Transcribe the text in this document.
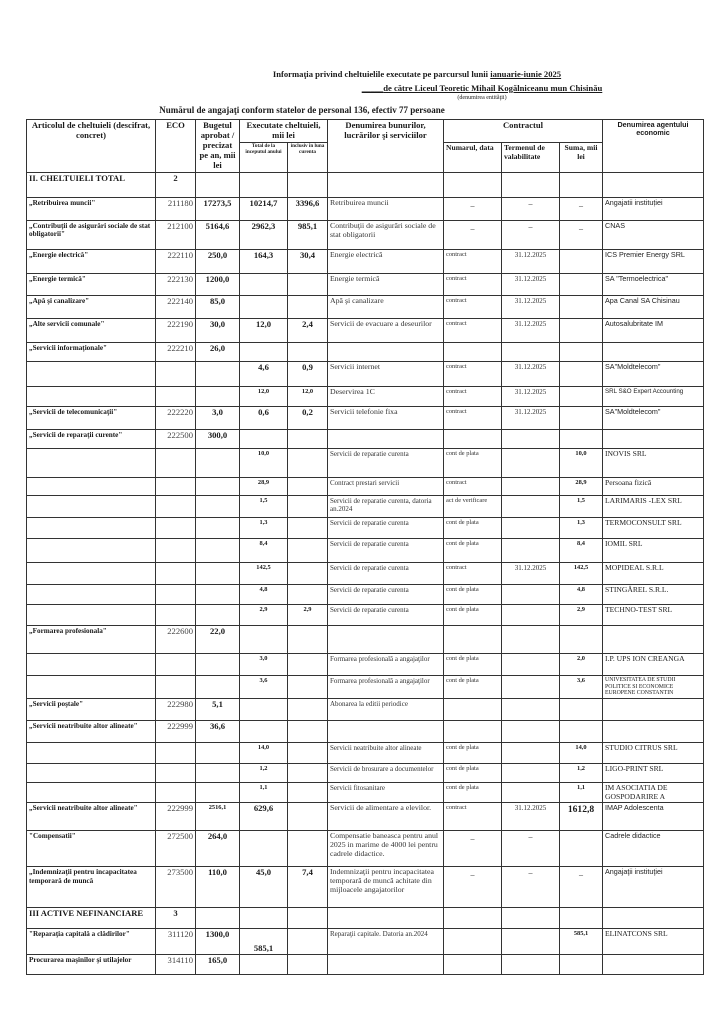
Informaţia privind cheltuielile executate pe parcursul lunii ianuarie-iunie 2025
_____de către Liceul Teoretic Mihail Kogălniceanu mun Chisinău
(denumirea entităţii)
Numărul de angajaţi conform statelor de personal 136, efectiv 77 persoane
Articolul de cheltuieli (descifrat, concret)	ECO	Bugetul aprobat / precizat pe an, mii lei	Executate cheltuieli, mii lei		Denumirea bunurilor, lucrărilor şi serviciilor	Contractul			Denumirea agentului economic
			Total de la începutul anului	inclusiv în luna curenta		Numarul, data	Termenul de valabilitate	Suma, mii lei	
II. CHELTUIELI TOTAL	2								
„Retribuirea muncii"	211180	17273,5	10214,7	3396,6	Retribuirea muncii	_	–	_	Angajatii instituției
„Contribuţii de asigurări sociale de stat obligatorii"	212100	5164,6	2962,3	985,1	Contribuţii de asigurări sociale de stat obligatorii	_	–	_	CNAS
„Energie electrică"	222110	250,0	164,3	30,4	Energie electrică	contract	31.12.2025		ICS Premier Energy SRL
„Energie termică"	222130	1200,0			Energie termică	contract	31.12.2025		SA "Termoelectrica"
„Apă şi canalizare"	222140	85,0			Apă şi canalizare	contract	31.12.2025		Apa Canal SA Chisinau
„Alte servicii comunale"	222190	30,0	12,0	2,4	Servicii de evacuare a deseurilor	contract	31.12.2025		Autosalubritate IM
„Servicii informaţionale"	222210	26,0							
			4,6	0,9	Servicii internet	contract	31.12.2025		SA"Moldtelecom"
			12,0	12,0	Deservirea 1C	contract	31.12.2025		SRL S&O Expert Accounting
„Servicii de telecomunicaţii"	222220	3,0	0,6	0,2	Servicii telefonie fixa	contract	31.12.2025		SA"Moldtelecom"
„Servicii de reparaţii curente"	222500	300,0							
			10,0		Servicii de reparatie curenta	cont de plata		10,0	INOVIS SRL
			28,9		Contract prestari servicii	contract		28,9	Persoana fizică
			1,5		Servicii de reparatie curenta, datoria an.2024	act de verificare		1,5	LARIMARIS -LEX SRL
			1,3		Servicii de reparatie curenta	cont de plata		1,3	TERMOCONSULT SRL
			8,4		Servicii de reparatie curenta	cont de plata		8,4	IOMIL SRL
			142,5		Servicii de reparatie curenta	contract	31.12.2025	142,5	MOPIDEAL S.R.L
			4,8		Servicii de reparatie curenta	cont de plata		4,8	STINGĂREL S.R.L.
			2,9	2,9	Servicii de reparatie curenta	cont de plata		2,9	TECHNO-TEST SRL
„Formarea profesionala"	222600	22,0							
			3,0		Formarea profesională a angajaţilor	cont de plata		2,0	I.P. UPS ION CREANGA
			3,6		Formarea profesională a angajaţilor	cont de plata		3,6	UNIVESITATEA DE STUDII POLITICE SI ECONOMICE EUROPENE CONSTANTIN
„Servicii poştale"	222980	5,1			Abonarea la editii periodice				
„Servicii neatribuite altor alineate"	222999	36,6							
			14,0		Servicii neatribuite altor alineate	cont de plata		14,0	STUDIO CITRUS SRL
			1,2		Servicii de brosurare a documentelor	cont de plata		1,2	LIGO-PRINT SRL
			1,1		Servicii fitosanitare	cont de plata		1,1	IM ASOCIATIA DE GOSPODARIRE A
„Servicii neatribuite altor alineate"	222999	2516,1	629,6		Servicii de alimentare a elevilor.	contract	31.12.2025	1612,8	IMAP Adolescenta
"Compensatii"	272500	264,0			Compensatie baneasca pentru anul 2025 in marime de 4000 lei pentru cadrele didactice.	_	–		Cadrele didactice
„Indemnizaţii pentru incapacitatea temporară de muncă	273500	110,0	45,0	7,4	Indemnizaţii pentru incapacitatea temporară de muncă achitate din mijloacele angajatorilor	_	–	_	Angajaţii instituţiei
III ACTIVE NEFINANCIARE	3								
"Reparaţia capitală a clădirilor"	311120	1300,0	585,1		Reparaţii capitale. Datoria an.2024			585,1	ELINATCONS SRL
Procurarea maşinilor şi utilajelor	314110	165,0							
